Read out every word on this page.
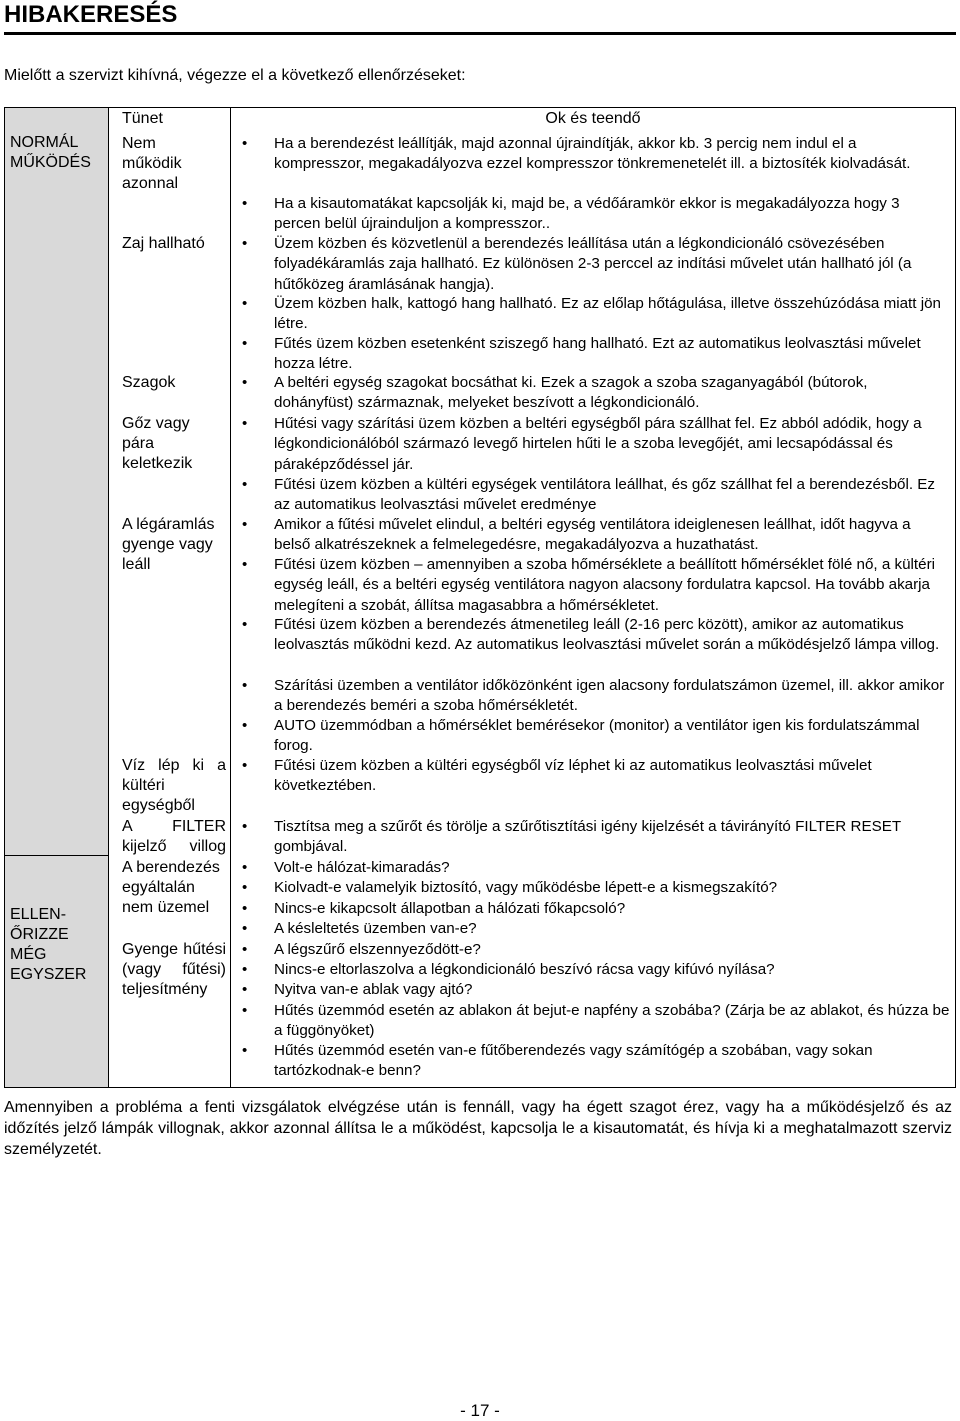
HIBAKERESÉS
Mielőtt a szervizt kihívná, végezze el a következő ellenőrzéseket:
NORMÁL MŰKÖDÉS
ELLEN-ŐRIZZE MÉG EGYSZER
Tünet	Ok és teendő
Nem működik azonnal
Zaj hallható
Szagok
Gőz vagy pára keletkezik
A légáramlás gyenge vagy leáll
Víz lép ki a kültéri egységből
A FILTER kijelző villog
A berendezés egyáltalán nem üzemel
Gyenge hűtési (vagy fűtési) teljesítmény
• Ha a berendezést leállítják, majd azonnal újraindítják, akkor kb. 3 percig nem indul el a kompresszor, megakadályozva ezzel kompresszor tönkremenetelét ill. a biztosíték kiolvadását.
• Ha a kisautomatákat kapcsolják ki, majd be, a védőáramkör ekkor is megakadályozza hogy 3 percen belül újrainduljon a kompresszor..
• Üzem közben és közvetlenül a berendezés leállítása után a légkondicionáló csövezésében folyadékáramlás zaja hallható. Ez különösen 2-3 perccel az indítási művelet után hallható jól (a hűtőközeg áramlásának hangja).
• Üzem közben halk, kattogó hang hallható. Ez az előlap hőtágulása, illetve összehúzódása miatt jön létre.
• Fűtés üzem közben esetenként sziszegő hang hallható. Ezt az automatikus leolvasztási művelet hozza létre.
• A beltéri egység szagokat bocsáthat ki. Ezek a szagok a szoba szaganyagából (bútorok, dohányfüst) származnak, melyeket beszívott a légkondicionáló.
• Hűtési vagy szárítási üzem közben a beltéri egységből pára szállhat fel. Ez abból adódik, hogy a légkondicionálóból származó levegő hirtelen hűti le a szoba levegőjét, ami lecsapódással és páraképződéssel jár.
• Fűtési üzem közben a kültéri egységek ventilátora leállhat, és gőz szállhat fel a berendezésből. Ez az automatikus leolvasztási művelet eredménye
• Amikor a fűtési művelet elindul, a beltéri egység ventilátora ideiglenesen leállhat, időt hagyva a belső alkatrészeknek a felmelegedésre, megakadályozva a huzathatást.
• Fűtési üzem közben – amennyiben a szoba hőmérséklete a beállított hőmérséklet fölé nő, a kültéri egység leáll, és a beltéri egység ventilátora nagyon alacsony fordulatra kapcsol. Ha tovább akarja melegíteni a szobát, állítsa magasabbra a hőmérsékletet.
• Fűtési üzem közben a berendezés átmenetileg leáll (2-16 perc között), amikor az automatikus leolvasztás működni kezd. Az automatikus leolvasztási művelet során a működésjelző lámpa villog.
• Szárítási üzemben a ventilátor időközönként igen alacsony fordulatszámon üzemel, ill. akkor amikor a berendezés beméri a szoba hőmérsékletét.
• AUTO üzemmódban a hőmérséklet bemérésekor (monitor) a ventilátor igen kis fordulatszámmal forog.
• Fűtési üzem közben a kültéri egységből víz léphet ki az automatikus leolvasztási művelet következtében.
• Tisztítsa meg a szűrőt és törölje a szűrőtisztítási igény kijelzését a távirányító FILTER RESET gombjával.
• Volt-e hálózat-kimaradás?
• Kiolvadt-e valamelyik biztosító, vagy működésbe lépett-e a kismegszakító?
• Nincs-e kikapcsolt állapotban a hálózati főkapcsoló?
• A késleltetés üzemben van-e?
• A légszűrő elszennyeződött-e?
• Nincs-e eltorlaszolva a légkondicionáló beszívó rácsa vagy kifúvó nyílása?
• Nyitva van-e ablak vagy ajtó?
• Hűtés üzemmód esetén az ablakon át bejut-e napfény a szobába? (Zárja be az ablakot, és húzza be a függönyöket)
• Hűtés üzemmód esetén van-e fűtőberendezés vagy számítógép a szobában, vagy sokan tartózkodnak-e benn?
Amennyiben a probléma a fenti vizsgálatok elvégzése után is fennáll, vagy ha égett szagot érez, vagy ha a működésjelző és az időzítés jelző lámpák villognak, akkor azonnal állítsa le a működést, kapcsolja le a kisautomatát, és hívja ki a meghatalmazott szerviz személyzetét.
- 17 -
